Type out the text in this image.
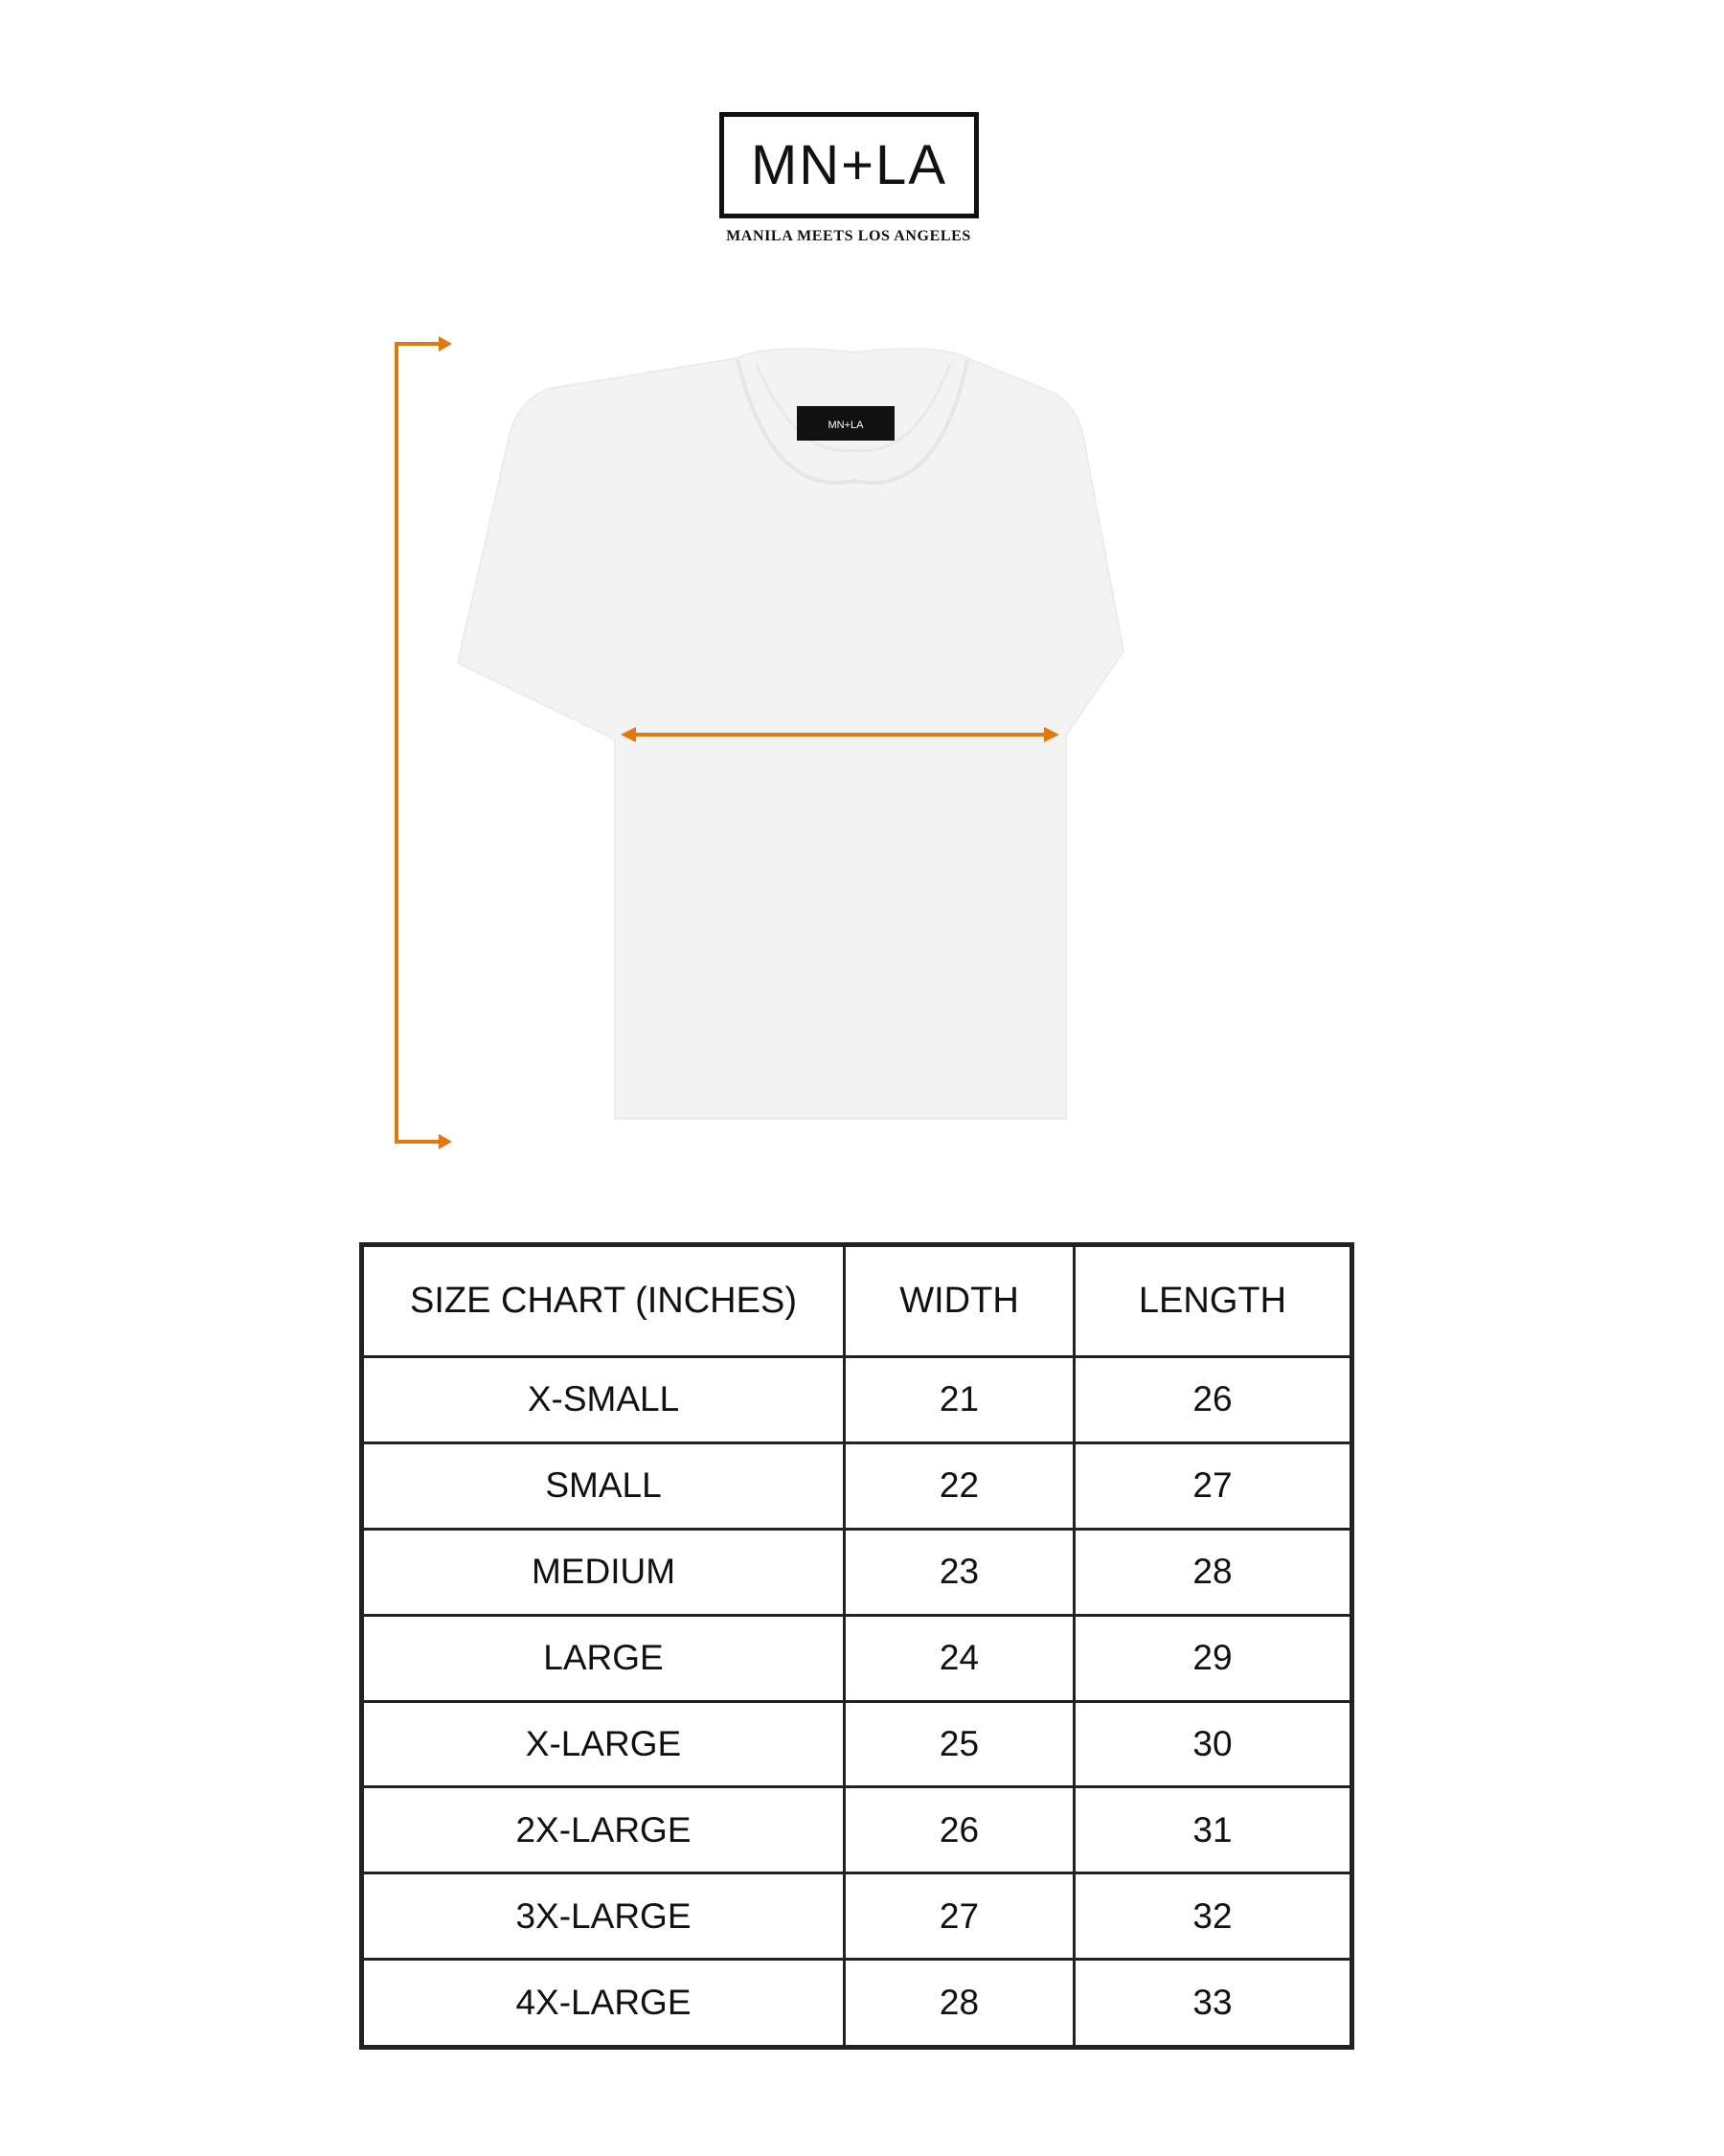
MN+LA
MANILA MEETS LOS ANGELES
MN+LA
SIZE CHART (INCHES)	WIDTH	LENGTH
X-SMALL	21	26
SMALL	22	27
MEDIUM	23	28
LARGE	24	29
X-LARGE	25	30
2X-LARGE	26	31
3X-LARGE	27	32
4X-LARGE	28	33
